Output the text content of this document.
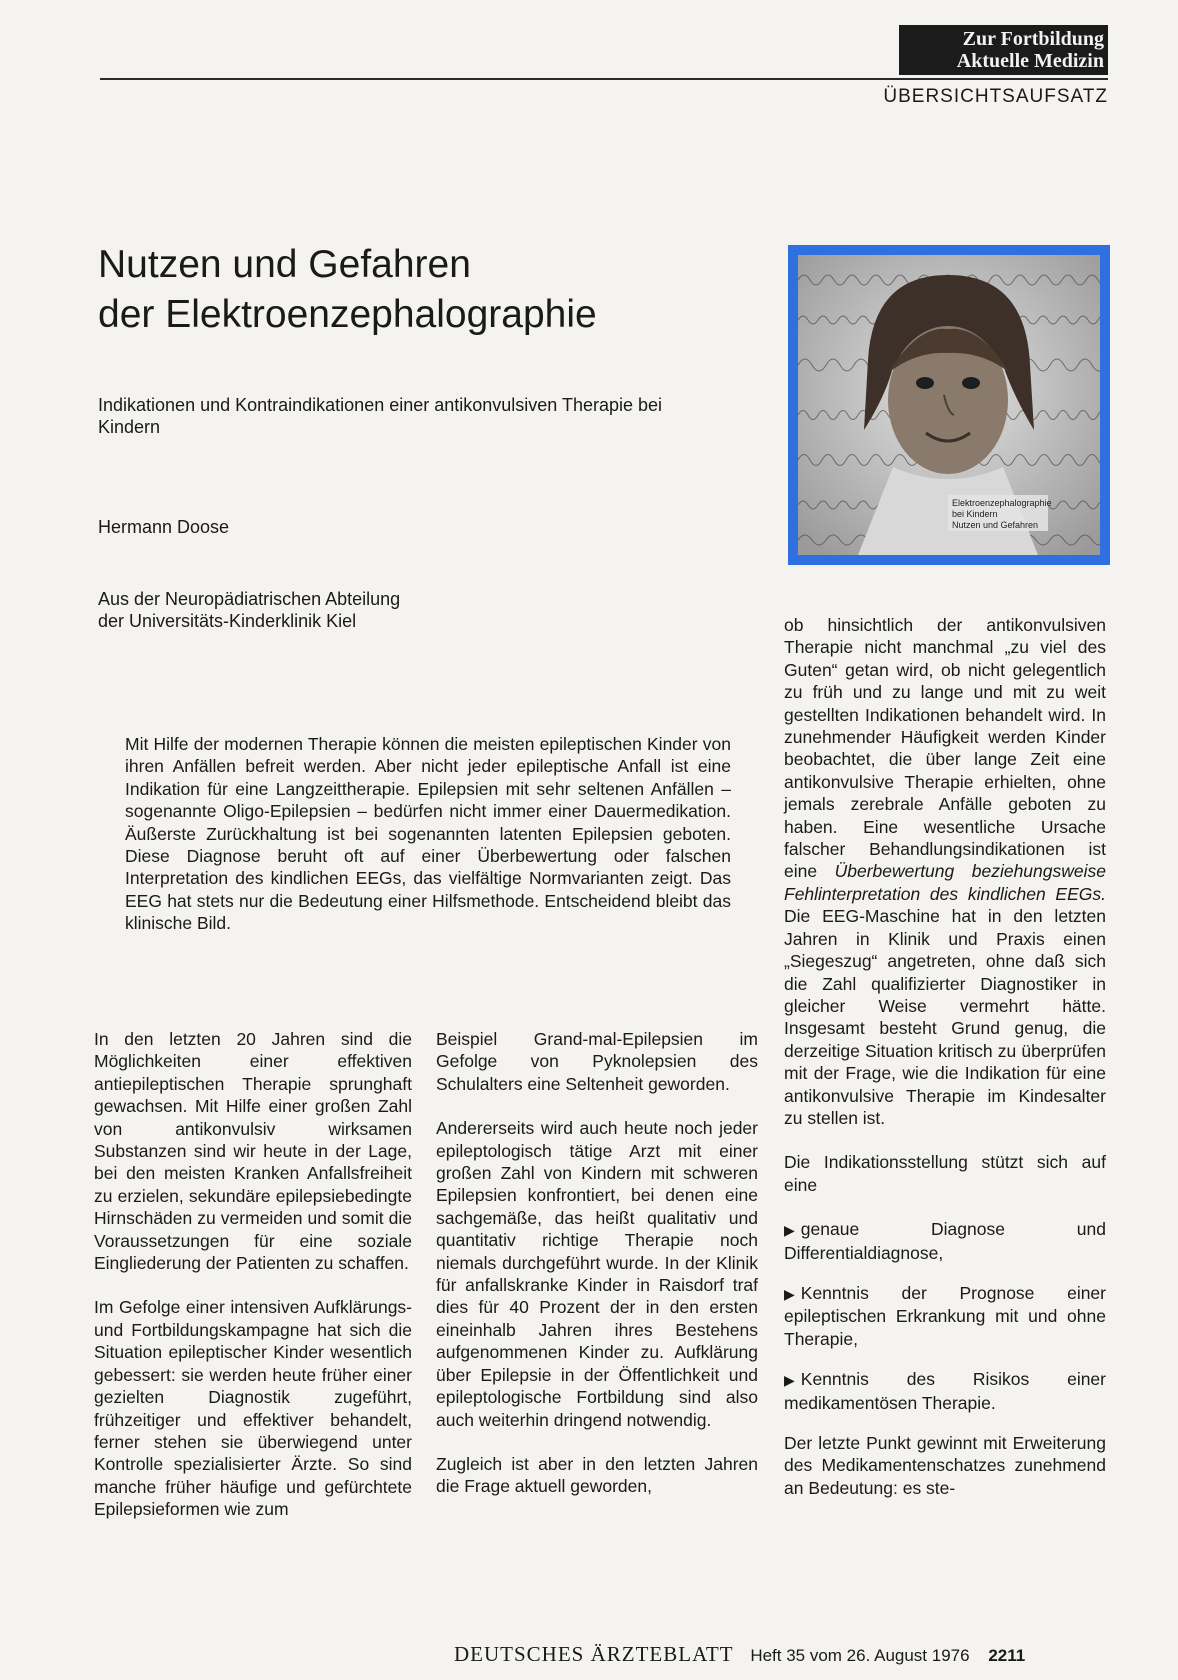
Zur Fortbildung
Aktuelle Medizin
ÜBERSICHTSAUFSATZ
Nutzen und Gefahren
der Elektroenzephalographie
Indikationen und Kontraindikationen einer antikonvulsiven Therapie bei Kindern
Hermann Doose
Aus der Neuropädiatrischen Abteilung
der Universitäts-Kinderklinik Kiel
Elektroenzephalographie
bei Kindern
Nutzen und Gefahren
Mit Hilfe der modernen Therapie können die meisten epileptischen Kinder von ihren Anfällen befreit werden. Aber nicht jeder epileptische Anfall ist eine Indikation für eine Langzeittherapie. Epilepsien mit sehr seltenen Anfällen – sogenannte Oligo-Epilepsien – bedürfen nicht immer einer Dauermedikation. Äußerste Zurückhaltung ist bei sogenannten latenten Epilepsien geboten. Diese Diagnose beruht oft auf einer Überbewertung oder falschen Interpretation des kindlichen EEGs, das vielfältige Normvarianten zeigt. Das EEG hat stets nur die Bedeutung einer Hilfsmethode. Entscheidend bleibt das klinische Bild.

In den letzten 20 Jahren sind die Möglichkeiten einer effektiven antiepileptischen Therapie sprunghaft gewachsen. Mit Hilfe einer großen Zahl von antikonvulsiv wirksamen Substanzen sind wir heute in der Lage, bei den meisten Kranken Anfallsfreiheit zu erzielen, sekundäre epilepsiebedingte Hirnschäden zu vermeiden und somit die Voraussetzungen für eine soziale Eingliederung der Patienten zu schaffen.

Im Gefolge einer intensiven Aufklärungs- und Fortbildungskampagne hat sich die Situation epileptischer Kinder wesentlich gebessert: sie werden heute früher einer gezielten Diagnostik zugeführt, frühzeitiger und effektiver behandelt, ferner stehen sie überwiegend unter Kontrolle spezialisierter Ärzte. So sind manche früher häufige und gefürchtete Epilepsieformen wie zum

Beispiel Grand-mal-Epilepsien im Gefolge von Pyknolepsien des Schulalters eine Seltenheit geworden.

Andererseits wird auch heute noch jeder epileptologisch tätige Arzt mit einer großen Zahl von Kindern mit schweren Epilepsien konfrontiert, bei denen eine sachgemäße, das heißt qualitativ und quantitativ richtige Therapie noch niemals durchgeführt wurde. In der Klinik für anfallskranke Kinder in Raisdorf traf dies für 40 Prozent der in den ersten eineinhalb Jahren ihres Bestehens aufgenommenen Kinder zu. Aufklärung über Epilepsie in der Öffentlichkeit und epileptologische Fortbildung sind also auch weiterhin dringend notwendig.

Zugleich ist aber in den letzten Jahren die Frage aktuell geworden,

ob hinsichtlich der antikonvulsiven Therapie nicht manchmal „zu viel des Guten“ getan wird, ob nicht gelegentlich zu früh und zu lange und mit zu weit gestellten Indikationen behandelt wird. In zunehmender Häufigkeit werden Kinder beobachtet, die über lange Zeit eine antikonvulsive Therapie erhielten, ohne jemals zerebrale Anfälle geboten zu haben. Eine wesentliche Ursache falscher Behandlungsindikationen ist eine Überbewertung beziehungsweise Fehlinterpretation des kindlichen EEGs. Die EEG-Maschine hat in den letzten Jahren in Klinik und Praxis einen „Siegeszug“ angetreten, ohne daß sich die Zahl qualifizierter Diagnostiker in gleicher Weise vermehrt hätte. Insgesamt besteht Grund genug, die derzeitige Situation kritisch zu überprüfen mit der Frage, wie die Indikation für eine antikonvulsive Therapie im Kindesalter zu stellen ist.

Die Indikationsstellung stützt sich auf eine

▶ genaue Diagnose und Differentialdiagnose,
▶ Kenntnis der Prognose einer epileptischen Erkrankung mit und ohne Therapie,
▶ Kenntnis des Risikos einer medikamentösen Therapie.

Der letzte Punkt gewinnt mit Erweiterung des Medikamentenschatzes zunehmend an Bedeutung: es ste-

DEUTSCHES ÄRZTEBLATT Heft 35 vom 26. August 1976 2211
